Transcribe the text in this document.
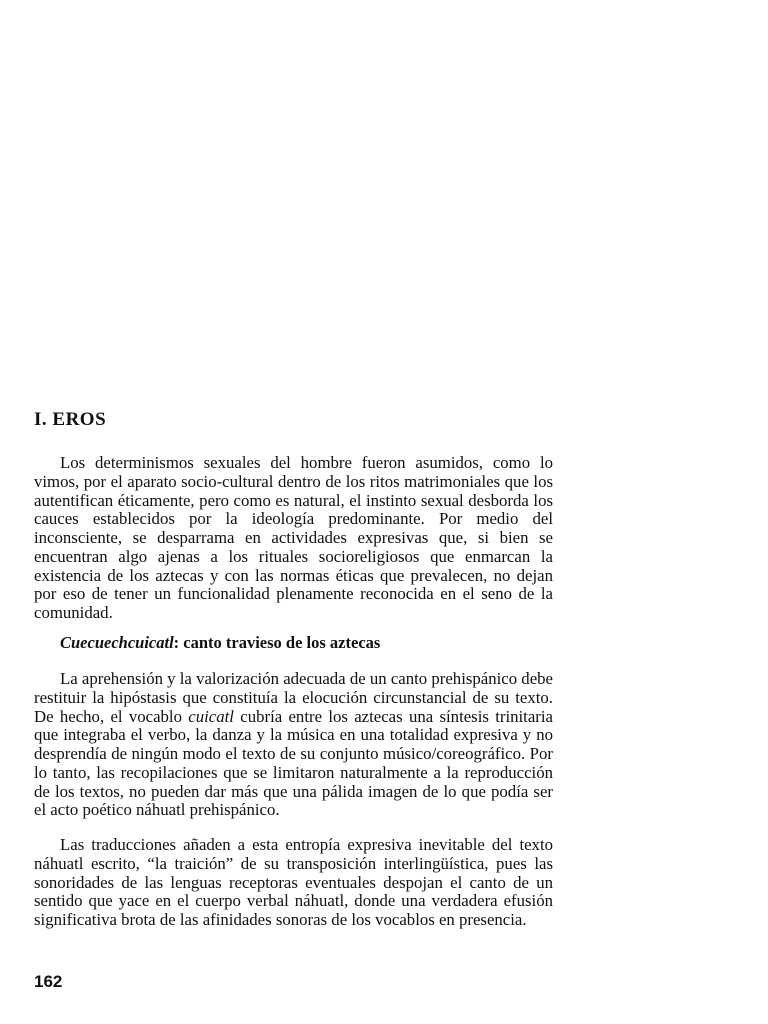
I. EROS

Los determinismos sexuales del hombre fueron asumidos, como lo vimos, por el aparato socio-cultural dentro de los ritos matrimoniales que los autentifican éticamente, pero como es natural, el instinto sexual desborda los cauces establecidos por la ideología predominante. Por medio del inconsciente, se desparrama en actividades expresivas que, si bien se encuentran algo ajenas a los rituales socioreligiosos que enmarcan la existencia de los aztecas y con las normas éticas que prevalecen, no dejan por eso de tener un funcionalidad plenamente reconocida en el seno de la comunidad.

Cuecuechcuicatl: canto travieso de los aztecas

La aprehensión y la valorización adecuada de un canto prehispánico debe restituir la hipóstasis que constituía la elocución circunstancial de su texto. De hecho, el vocablo cuicatl cubría entre los aztecas una síntesis trinitaria que integraba el verbo, la danza y la música en una totalidad expresiva y no desprendía de ningún modo el texto de su conjunto músico/coreográfico. Por lo tanto, las recopilaciones que se limitaron naturalmente a la reproducción de los textos, no pueden dar más que una pálida imagen de lo que podía ser el acto poético náhuatl prehispánico.

Las traducciones añaden a esta entropía expresiva inevitable del texto náhuatl escrito, “la traición” de su transposición interlingüística, pues las sonoridades de las lenguas receptoras eventuales despojan el canto de un sentido que yace en el cuerpo verbal náhuatl, donde una verdadera efusión significativa brota de las afinidades sonoras de los vocablos en presencia.

162
